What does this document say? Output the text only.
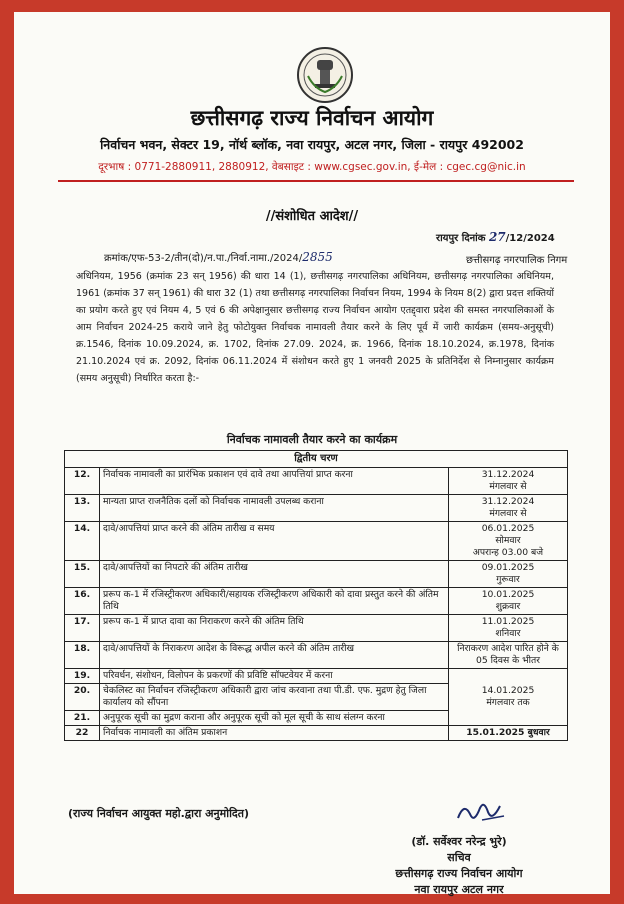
छत्तीसगढ़ राज्य निर्वाचन आयोग
निर्वाचन भवन, सेक्टर 19, नॉर्थ ब्लॉक, नवा रायपुर, अटल नगर, जिला - रायपुर 492002
दूरभाष : 0771-2880911, 2880912, वेबसाइट : www.cgsec.gov.in, ई-मेल : cgec.cg@nic.in
//संशोधित आदेश//
रायपुर दिनांक 27/12/2024
क्रमांक/एफ-53-2/तीन(दो)/न.पा./निर्वा.नामा./2024/2855	छत्तीसगढ़ नगरपालिक निगम
अधिनियम, 1956 (क्रमांक 23 सन् 1956) की धारा 14 (1), छत्तीसगढ़ नगरपालिका अधिनियम, छत्तीसगढ़ नगरपालिका अधिनियम, 1961 (क्रमांक 37 सन् 1961) की धारा 32 (1) तथा छत्तीसगढ़ नगरपालिका निर्वाचन नियम, 1994 के नियम 8(2) द्वारा प्रदत्त शक्तियों का प्रयोग करते हुए एवं नियम 4, 5 एवं 6 की अपेक्षानुसार छत्तीसगढ़ राज्य निर्वाचन आयोग एतद्द्वारा प्रदेश की समस्त नगरपालिकाओं के आम निर्वाचन 2024-25 कराये जाने हेतु फोटोयुक्त निर्वाचक नामावली तैयार करने के लिए पूर्व में जारी कार्यक्रम (समय-अनुसूची) क्र.1546, दिनांक 10.09.2024, क्र. 1702, दिनांक 27.09. 2024, क्र. 1966, दिनांक 18.10.2024, क्र.1978, दिनांक 21.10.2024 एवं क्र. 2092, दिनांक 06.11.2024 में संशोधन करते हुए 1 जनवरी 2025 के प्रतिनिर्देश से निम्नानुसार कार्यक्रम (समय अनुसूची) निर्धारित करता है:-
निर्वाचक नामावली तैयार करने का कार्यक्रम
द्वितीय चरण		
12.	निर्वाचक नामावली का प्रारंभिक प्रकाशन एवं दावे तथा आपत्तियां प्राप्त करना	31.12.2024
मंगलवार से

13.	मान्यता प्राप्त राजनैतिक दलों को निर्वाचक नामावली उपलब्ध कराना	31.12.2024
मंगलवार से

14.	दावे/आपत्तियां प्राप्त करने की अंतिम तारीख व समय	06.01.2025
सोमवार
अपरान्ह 03.00 बजे

15.	दावे/आपत्तियों का निपटारे की अंतिम तारीख	09.01.2025
गुरूवार

16.	प्ररूप क-1 में रजिस्ट्रीकरण अधिकारी/सहायक रजिस्ट्रीकरण अधिकारी को दावा प्रस्तुत करने की अंतिम तिथि	10.01.2025
शुक्रवार

17.	प्ररूप क-1 में प्राप्त दावा का निराकरण करने की अंतिम तिथि	11.01.2025
शनिवार

18.	दावे/आपत्तियों के निराकरण आदेश के विरूद्ध अपील करने की अंतिम तारीख	निराकरण आदेश पारित होने के 05 दिवस के भीतर
19.	परिवर्धन, संशोधन, विलोपन के प्रकरणों की प्रविष्टि सॉफ्टवेयर में करना	14.01.2025
मंगलवार तक

20.	चेकलिस्ट का निर्वाचन रजिस्ट्रीकरण अधिकारी द्वारा जांच करवाना तथा पी.डी. एफ. मुद्रण हेतु जिला कार्यालय को सौंपना	
21.	अनुपूरक सूची का मुद्रण कराना और अनुपूरक सूची को मूल सूची के साथ संलग्न करना	
22	निर्वाचक नामावली का अंतिम प्रकाशन	15.01.2025 बुधवार
(राज्य निर्वाचन आयुक्त महो.द्वारा अनुमोदित)
(डॉ. सर्वेश्वर नरेन्द्र भुरे)
सचिव
छत्तीसगढ़ राज्य निर्वाचन आयोग
नवा रायपुर अटल नगर
